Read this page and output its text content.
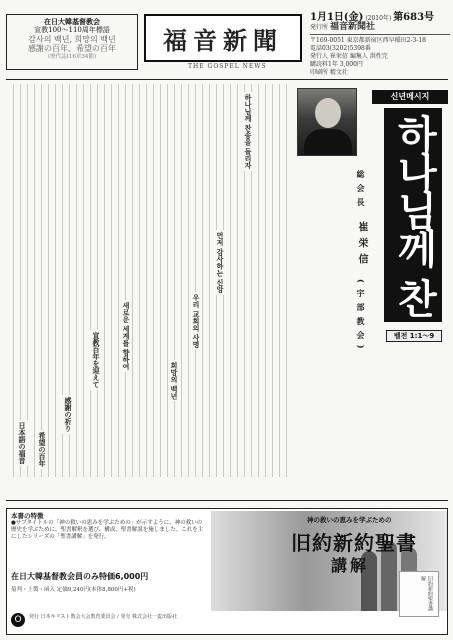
在日大韓基督教会
宣教100〜110周年標語
감사의 백년, 희망의 백년
感謝の百年、希望の百年
(歴代誌Ⅰ16章34節)
福音新聞
THE GOSPEL NEWS
1月1日(金) (2010年) 第683号
発行所 福音新聞社
〒169-0051 東京都新宿区西早稲田2-3-18
電話03(3202)5398番
発行人 崔栄信 編集人 洪性完
購読料1年 3,000円
印刷所 精文社
하나님께 찬송을 돌리자
먼저 감사하는 신앙
우리 교회의 사명
희망의 백년
새로운 세계를 향하여
宣教百年を迎えて
感謝の祈り
希望の百年
日本語の福音
신년메시지
하나님께 찬
総会長 崔栄信 (宇部教会)	벨전 1:1〜9
本書の特徴
●サブタイトルの「神の救いの恵みを学ぶための」が示すように、神の救いの歴史を学ぶために、聖書解釈を選び、構成、聖書解説を施しました。これを主にしたシリーズの「聖書講解」を発行。
在日大韓基督教会員のみ特価6,000円
菊判・上製・函入 定価9,240円(本体8,800円+税)
O	発行 日本キリスト教会大会教育委員会 / 発売 株式会社一麦出版社
神の救いの恵みを学ぶための
旧約新約聖書
講解
旧約新約聖書講解
